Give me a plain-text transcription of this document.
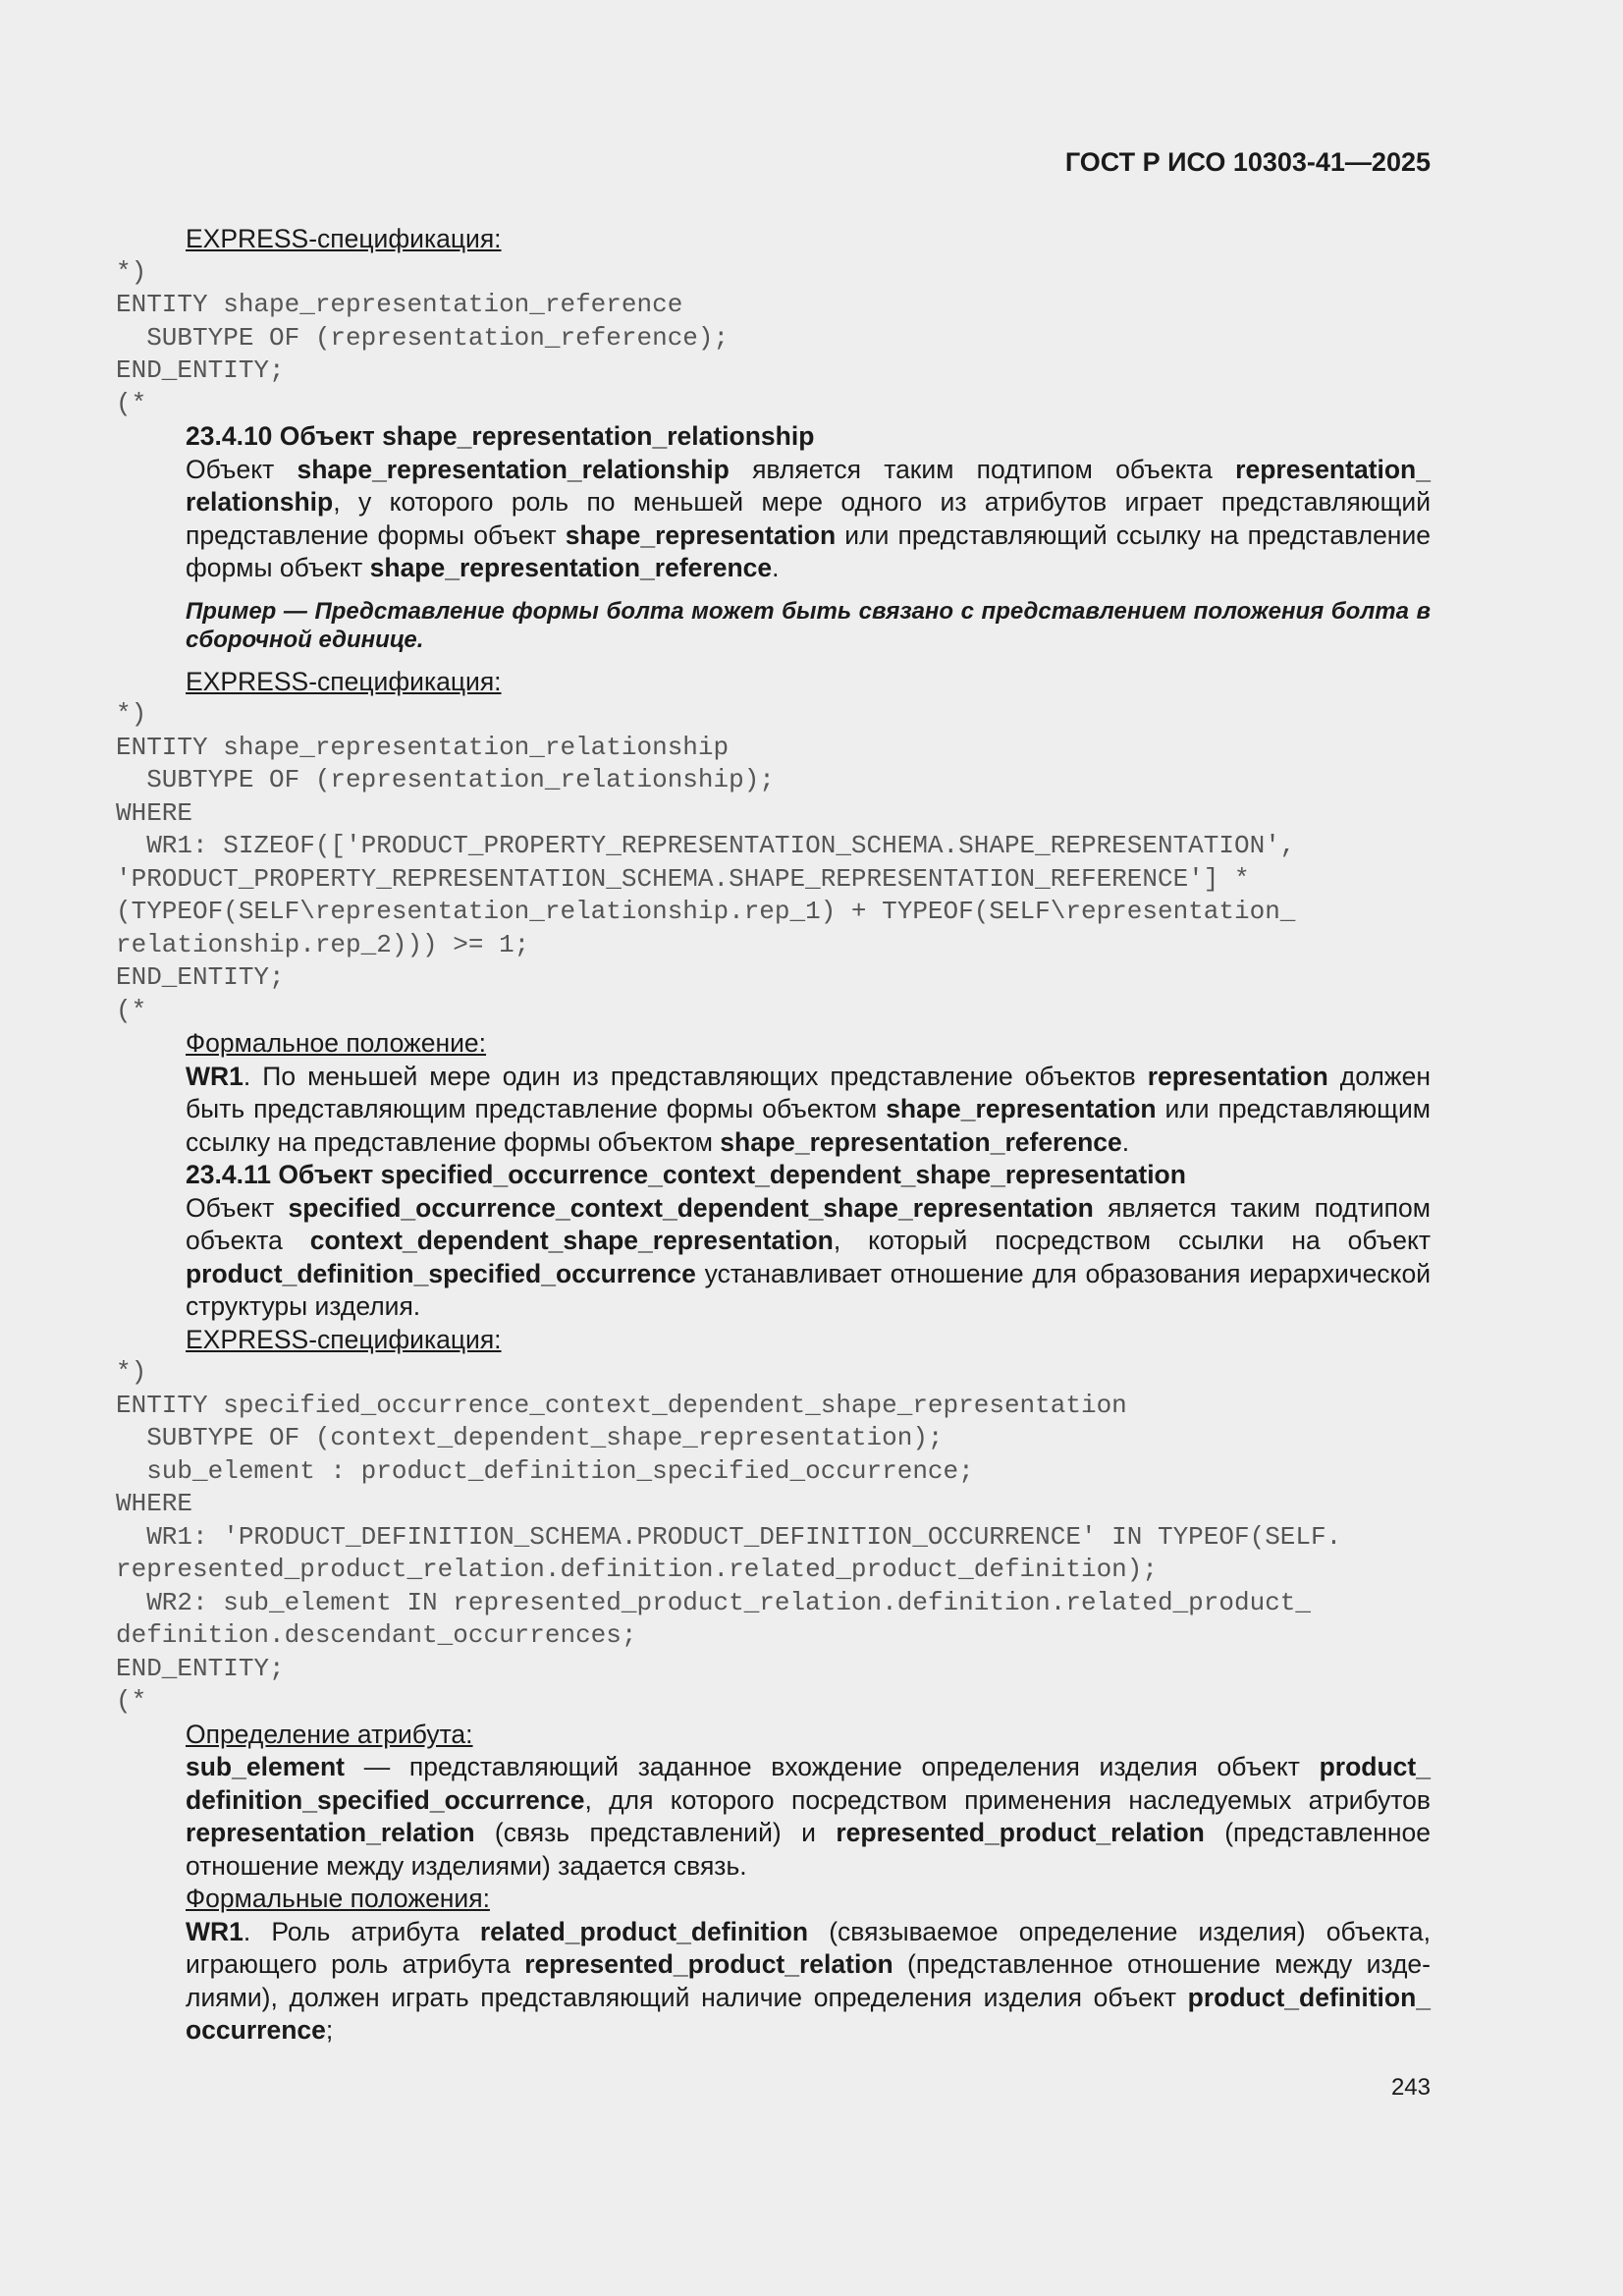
ГОСТ Р ИСО 10303-41—2025

EXPRESS-спецификация:

*)
ENTITY shape_representation_reference
SUBTYPE OF (representation_reference);
END_ENTITY;
(*

23.4.10 Объект shape_representation_relationship

Объект shape_representation_relationship является таким подтипом объекта representation_ relationship, у которого роль по меньшей мере одного из атрибутов играет представляющий представление формы объект shape_representation или представляющий ссылку на представление формы объект shape_representation_reference.

Пример — Представление формы болта может быть связано с представлением положения болта в сборочной единице.

EXPRESS-спецификация:

*)
ENTITY shape_representation_relationship
SUBTYPE OF (representation_relationship);
WHERE
WR1: SIZEOF(['PRODUCT_PROPERTY_REPRESENTATION_SCHEMA.SHAPE_REPRESENTATION',
'PRODUCT_PROPERTY_REPRESENTATION_SCHEMA.SHAPE_REPRESENTATION_REFERENCE'] *
(TYPEOF(SELF\representation_relationship.rep_1) + TYPEOF(SELF\representation_
relationship.rep_2))) >= 1;
END_ENTITY;
(*

Формальное положение:

WR1. По меньшей мере один из представляющих представление объектов representation должен быть представляющим представление формы объектом shape_representation или представляющим ссылку на представление формы объектом shape_representation_reference.

23.4.11 Объект specified_occurrence_context_dependent_shape_representation

Объект specified_occurrence_context_dependent_shape_representation является таким подтипом объекта context_dependent_shape_representation, который посредством ссылки на объект product_definition_specified_occurrence устанавливает отношение для образования иерархической структуры изделия.

EXPRESS-спецификация:

*)
ENTITY specified_occurrence_context_dependent_shape_representation
SUBTYPE OF (context_dependent_shape_representation);
sub_element : product_definition_specified_occurrence;
WHERE
WR1: 'PRODUCT_DEFINITION_SCHEMA.PRODUCT_DEFINITION_OCCURRENCE' IN TYPEOF(SELF.
represented_product_relation.definition.related_product_definition);
WR2: sub_element IN represented_product_relation.definition.related_product_
definition.descendant_occurrences;
END_ENTITY;
(*

Определение атрибута:

sub_element — представляющий заданное вхождение определения изделия объект product_ definition_specified_occurrence, для которого посредством применения наследуемых атрибутов representation_relation (связь представлений) и represented_product_relation (представленное отношение между изделиями) задается связь.

Формальные положения:

WR1. Роль атрибута related_product_definition (связываемое определение изделия) объекта, играющего роль атрибута represented_product_relation (представленное отношение между изделиями), должен играть представляющий наличие определения изделия объект product_definition_ occurrence;

243
